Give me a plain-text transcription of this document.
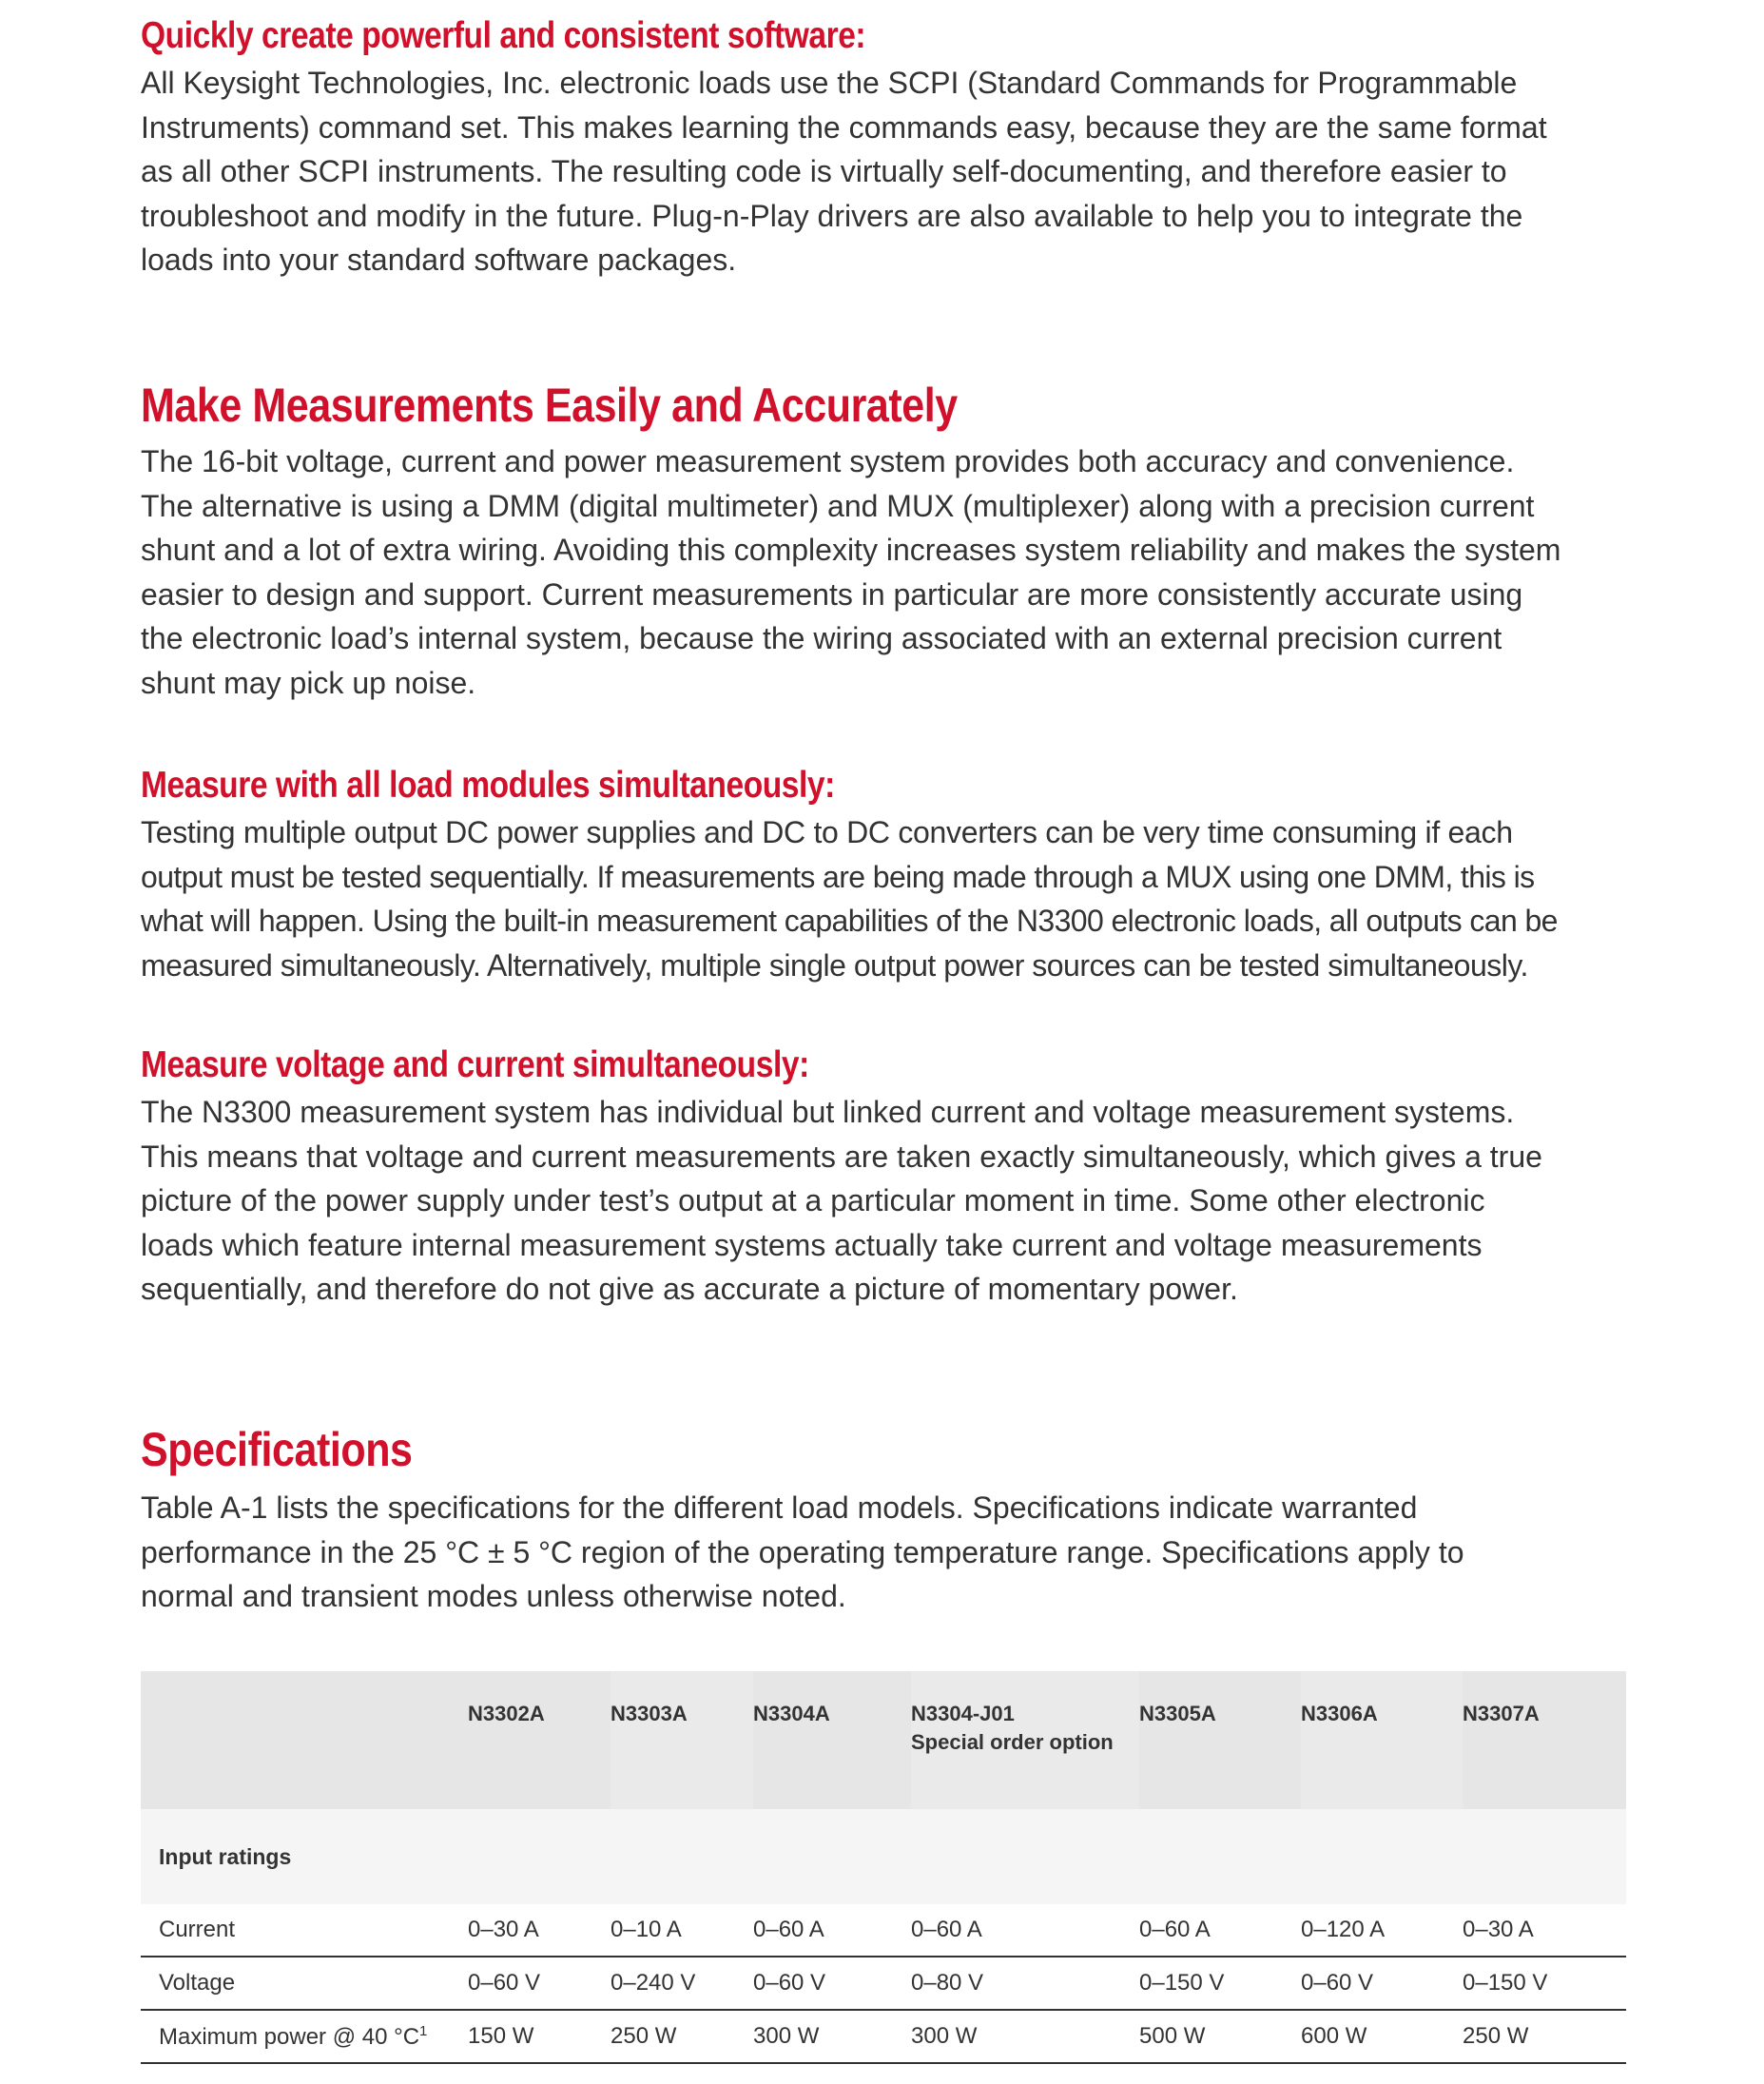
Quickly create powerful and consistent software:

All Keysight Technologies, Inc. electronic loads use the SCPI (Standard Commands for Programmable

Instruments) command set. This makes learning the commands easy, because they are the same format

as all other SCPI instruments. The resulting code is virtually self-documenting, and therefore easier to

troubleshoot and modify in the future. Plug-n-Play drivers are also available to help you to integrate the

loads into your standard software packages.

Make Measurements Easily and Accurately

The 16-bit voltage, current and power measurement system provides both accuracy and convenience.

The alternative is using a DMM (digital multimeter) and MUX (multiplexer) along with a precision current

shunt and a lot of extra wiring. Avoiding this complexity increases system reliability and makes the system

easier to design and support. Current measurements in particular are more consistently accurate using

the electronic load’s internal system, because the wiring associated with an external precision current

shunt may pick up noise.

Measure with all load modules simultaneously:

Testing multiple output DC power supplies and DC to DC converters can be very time consuming if each

output must be tested sequentially. If measurements are being made through a MUX using one DMM, this is

what will happen. Using the built-in measurement capabilities of the N3300 electronic loads, all outputs can be

measured simultaneously. Alternatively, multiple single output power sources can be tested simultaneously.

Measure voltage and current simultaneously:

The N3300 measurement system has individual but linked current and voltage measurement systems.

This means that voltage and current measurements are taken exactly simultaneously, which gives a true

picture of the power supply under test’s output at a particular moment in time. Some other electronic

loads which feature internal measurement systems actually take current and voltage measurements

sequentially, and therefore do not give as accurate a picture of momentary power.

Specifications

Table A-1 lists the specifications for the different load models. Specifications indicate warranted

performance in the 25 °C ± 5 °C region of the operating temperature range. Specifications apply to

normal and transient modes unless otherwise noted.

	N3302A	N3303A	N3304A	N3304-J01
Special order option	N3305A	N3306A	N3307A
Input ratings							
Current	0–30 A	0–10 A	0–60 A	0–60 A	0–60 A	0–120 A	0–30 A
Voltage	0–60 V	0–240 V	0–60 V	0–80 V	0–150 V	0–60 V	0–150 V
Maximum power @ 40 $^\circ C^1$	150 W	250 W	300 W	300 W	500 W	600 W	250 W
